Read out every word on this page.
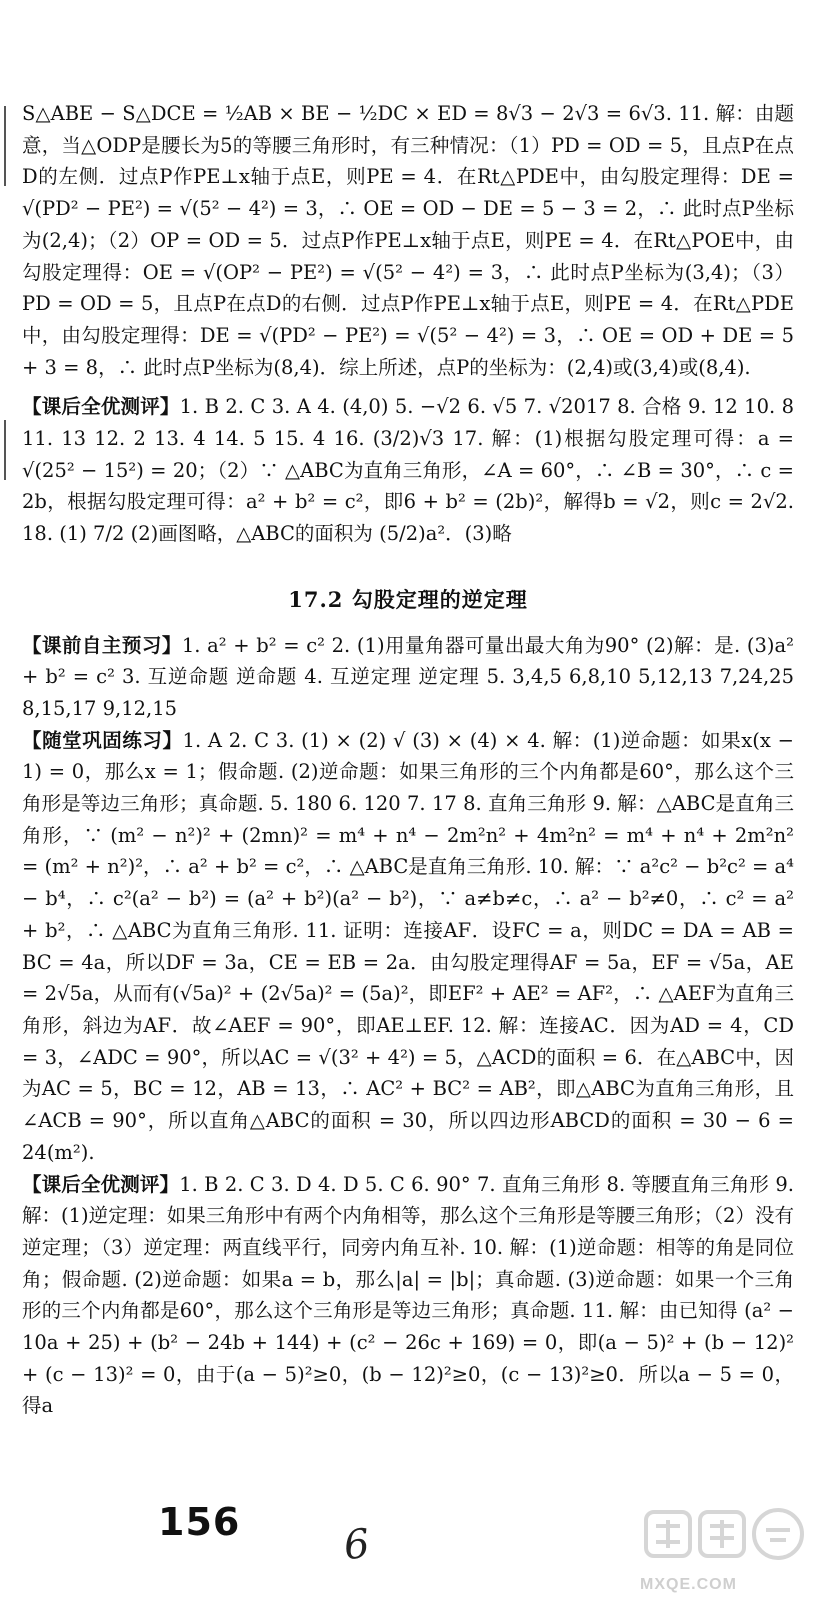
S△ABE − S△DCE = ½AB × BE − ½DC × ED = 8√3 − 2√3 = 6√3. 11. 解：由题意，当△ODP是腰长为5的等腰三角形时，有三种情况：（1）PD = OD = 5，且点P在点D的左侧．过点P作PE⊥x轴于点E，则PE = 4．在Rt△PDE中，由勾股定理得：DE = √(PD² − PE²) = √(5² − 4²) = 3，∴ OE = OD − DE = 5 − 3 = 2，∴ 此时点P坐标为(2,4)；（2）OP = OD = 5．过点P作PE⊥x轴于点E，则PE = 4．在Rt△POE中，由勾股定理得：OE = √(OP² − PE²) = √(5² − 4²) = 3，∴ 此时点P坐标为(3,4)；（3）PD = OD = 5，且点P在点D的右侧．过点P作PE⊥x轴于点E，则PE = 4．在Rt△PDE中，由勾股定理得：DE = √(PD² − PE²) = √(5² − 4²) = 3，∴ OE = OD + DE = 5 + 3 = 8，∴ 此时点P坐标为(8,4)．综上所述，点P的坐标为：(2,4)或(3,4)或(8,4).
【课后全优测评】1. B 2. C 3. A 4. (4,0) 5. −√2 6. √5 7. √2017 8. 合格 9. 12 10. 8 11. 13 12. 2 13. 4 14. 5 15. 4 16. (3/2)√3 17. 解：(1)根据勾股定理可得：a = √(25² − 15²) = 20；（2）∵ △ABC为直角三角形，∠A = 60°，∴ ∠B = 30°，∴ c = 2b，根据勾股定理可得：a² + b² = c²，即6 + b² = (2b)²，解得b = √2，则c = 2√2. 18. (1) 7/2 (2)画图略，△ABC的面积为 (5/2)a²．(3)略
17.2 勾股定理的逆定理
【课前自主预习】1. a² + b² = c² 2. (1)用量角器可量出最大角为90° (2)解：是. (3)a² + b² = c² 3. 互逆命题 逆命题 4. 互逆定理 逆定理 5. 3,4,5 6,8,10 5,12,13 7,24,25 8,15,17 9,12,15
【随堂巩固练习】1. A 2. C 3. (1) × (2) √ (3) × (4) × 4. 解：(1)逆命题：如果x(x − 1) = 0，那么x = 1；假命题. (2)逆命题：如果三角形的三个内角都是60°，那么这个三角形是等边三角形；真命题. 5. 180 6. 120 7. 17 8. 直角三角形 9. 解：△ABC是直角三角形，∵ (m² − n²)² + (2mn)² = m⁴ + n⁴ − 2m²n² + 4m²n² = m⁴ + n⁴ + 2m²n² = (m² + n²)²，∴ a² + b² = c²，∴ △ABC是直角三角形. 10. 解：∵ a²c² − b²c² = a⁴ − b⁴，∴ c²(a² − b²) = (a² + b²)(a² − b²)，∵ a≠b≠c，∴ a² − b²≠0，∴ c² = a² + b²，∴ △ABC为直角三角形. 11. 证明：连接AF．设FC = a，则DC = DA = AB = BC = 4a，所以DF = 3a，CE = EB = 2a．由勾股定理得AF = 5a，EF = √5a，AE = 2√5a，从而有(√5a)² + (2√5a)² = (5a)²，即EF² + AE² = AF²，∴ △AEF为直角三角形，斜边为AF．故∠AEF = 90°，即AE⊥EF. 12. 解：连接AC．因为AD = 4，CD = 3，∠ADC = 90°，所以AC = √(3² + 4²) = 5，△ACD的面积 = 6．在△ABC中，因为AC = 5，BC = 12，AB = 13，∴ AC² + BC² = AB²，即△ABC为直角三角形，且∠ACB = 90°，所以直角△ABC的面积 = 30，所以四边形ABCD的面积 = 30 − 6 = 24(m²).
【课后全优测评】1. B 2. C 3. D 4. D 5. C 6. 90° 7. 直角三角形 8. 等腰直角三角形 9. 解：(1)逆定理：如果三角形中有两个内角相等，那么这个三角形是等腰三角形；（2）没有逆定理；（3）逆定理：两直线平行，同旁内角互补. 10. 解：(1)逆命题：相等的角是同位角；假命题. (2)逆命题：如果a = b，那么|a| = |b|；真命题. (3)逆命题：如果一个三角形的三个内角都是60°，那么这个三角形是等边三角形；真命题. 11. 解：由已知得 (a² − 10a + 25) + (b² − 24b + 144) + (c² − 26c + 169) = 0，即(a − 5)² + (b − 12)² + (c − 13)² = 0，由于(a − 5)²≥0，(b − 12)²≥0，(c − 13)²≥0．所以a − 5 = 0，得a
156	6
MXQE.COM
